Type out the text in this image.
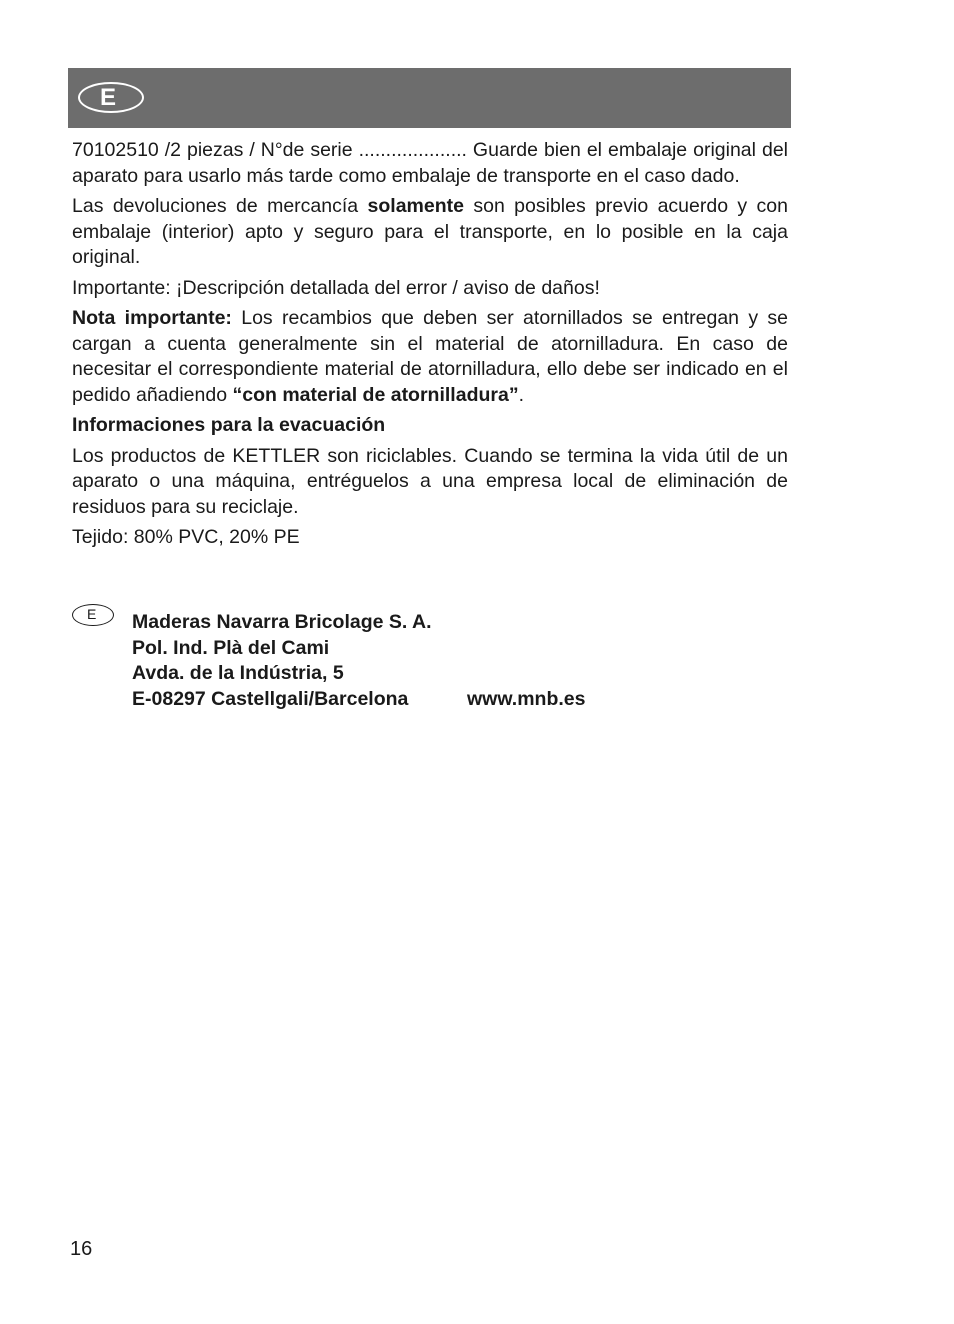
E

70102510 /2 piezas / N°de serie .................... Guarde bien el embalaje original del aparato para usarlo más tarde como embalaje de transporte en el caso dado.

Las devoluciones de mercancía solamente son posibles previo acuerdo y con embalaje (interior) apto y seguro para el transporte, en lo posible en la caja original.

Importante: ¡Descripción detallada del error / aviso de daños!

Nota importante: Los recambios que deben ser atornillados se entregan y se cargan a cuenta generalmente sin el material de atornilladura. En caso de necesitar el correspondiente material de atornilladura, ello debe ser indicado en el pedido añadiendo “con material de atornilladura”.

Informaciones para la evacuación

Los productos de KETTLER son riciclables. Cuando se termina la vida útil de un aparato o una máquina, entréguelos a una empresa local de eliminación de residuos para su reciclaje.

Tejido: 80% PVC, 20% PE

E	Maderas Navarra Bricolage S. A.
Pol. Ind. Plà del Cami
Avda. de la Indústria, 5
E-08297 Castellgali/Barcelona	www.mnb.es
16
